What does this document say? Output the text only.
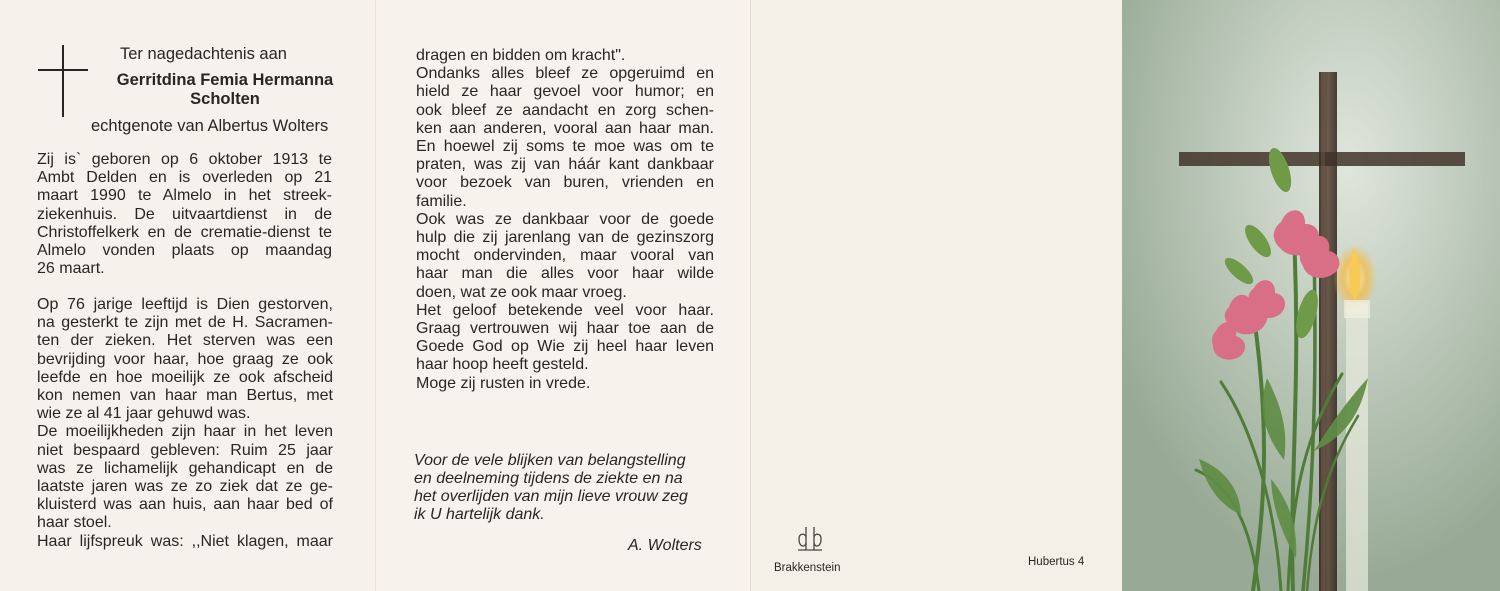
Ter nagedachtenis aan
Gerritdina Femia Hermanna
Scholten
echtgenote van Albertus Wolters

Zij is` geboren op 6 oktober 1913 te
Ambt Delden en is overleden op 21
maart 1990 te Almelo in het streek-
ziekenhuis. De uitvaartdienst in de
Christoffelkerk en de crematie-dienst te
Almelo vonden plaats op maandag
26 maart.

Op 76 jarige leeftijd is Dien gestorven,
na gesterkt te zijn met de H. Sacramen-
ten der zieken. Het sterven was een
bevrijding voor haar, hoe graag ze ook
leefde en hoe moeilijk ze ook afscheid
kon nemen van haar man Bertus, met
wie ze al 41 jaar gehuwd was.
De moeilijkheden zijn haar in het leven
niet bespaard gebleven: Ruim 25 jaar
was ze lichamelijk gehandicapt en de
laatste jaren was ze zo ziek dat ze ge-
kluisterd was aan huis, aan haar bed of
haar stoel.
Haar lijfspreuk was: ,,Niet klagen, maar

dragen en bidden om kracht".
Ondanks alles bleef ze opgeruimd en
hield ze haar gevoel voor humor; en
ook bleef ze aandacht en zorg schen-
ken aan anderen, vooral aan haar man.
En hoewel zij soms te moe was om te
praten, was zij van háár kant dankbaar
voor bezoek van buren, vrienden en
familie.
Ook was ze dankbaar voor de goede
hulp die zij jarenlang van de gezinszorg
mocht ondervinden, maar vooral van
haar man die alles voor haar wilde
doen, wat ze ook maar vroeg.
Het geloof betekende veel voor haar.
Graag vertrouwen wij haar toe aan de
Goede God op Wie zij heel haar leven
haar hoop heeft gesteld.
Moge zij rusten in vrede.

Voor de vele blijken van belangstelling
en deelneming tijdens de ziekte en na
het overlijden van mijn lieve vrouw zeg
ik U hartelijk dank.

A. Wolters
Brakkenstein	Hubertus 4
